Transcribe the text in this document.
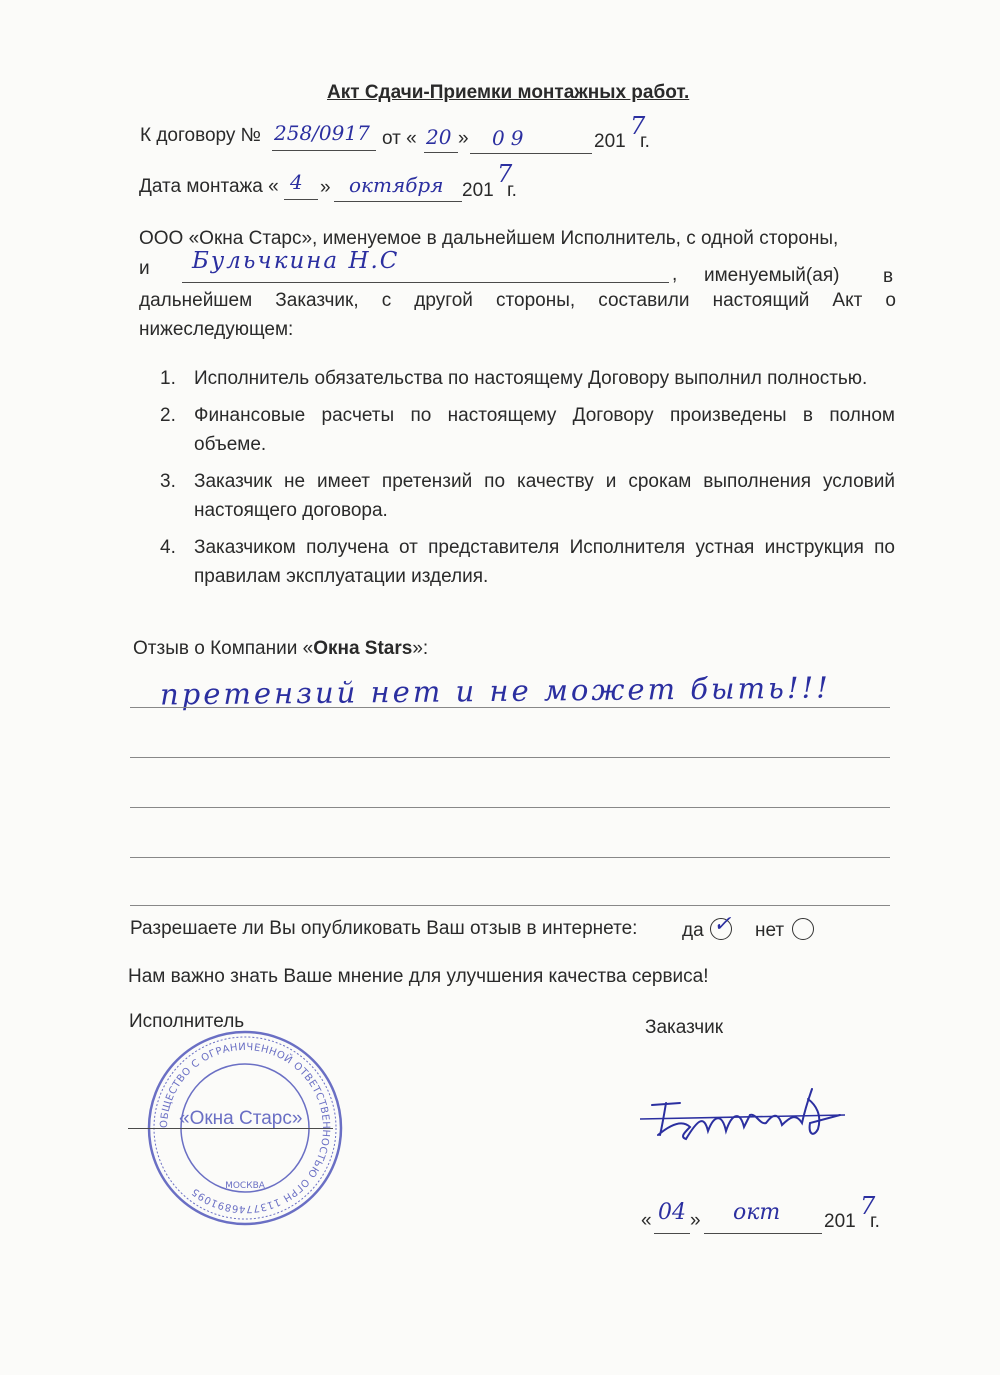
Акт Сдачи-Приемки монтажных работ.
К договору № 258/0917 от « 20 » 09	201
7
г.
Дата монтажа « 4 » октября 201
7
г.
ООО «Окна Старс», именуемое в дальнейшем Исполнитель, с одной стороны,
и Бульчкина Н.С
, именуемый(ая) в
дальнейшем Заказчик, с другой стороны, составили настоящий Акт о
нижеследующем:
1. Исполнитель обязательства по настоящему Договору выполнил полностью.
2. Финансовые расчеты по настоящему Договору произведены в полном объеме.
3. Заказчик не имеет претензий по качеству и срокам выполнения условий настоящего договора.
4. Заказчиком получена от представителя Исполнителя устная инструкция по правилам эксплуатации изделия.
Отзыв о Компании «Окна Stars»:
претензий нет и не может быть!!!
Разрешаете ли Вы опубликовать Ваш отзыв в интернете: да ✓ нет
Нам важно знать Ваше мнение для улучшения качества сервиса!
Исполнитель	Заказчик
ОБЩЕСТВО С ОГРАНИЧЕННОЙ ОТВЕТСТВЕННОСТЬЮ ОГРН 1137746891095	МОСКВА
«Окна Старс»
« 04 » окт 201
7
г.
